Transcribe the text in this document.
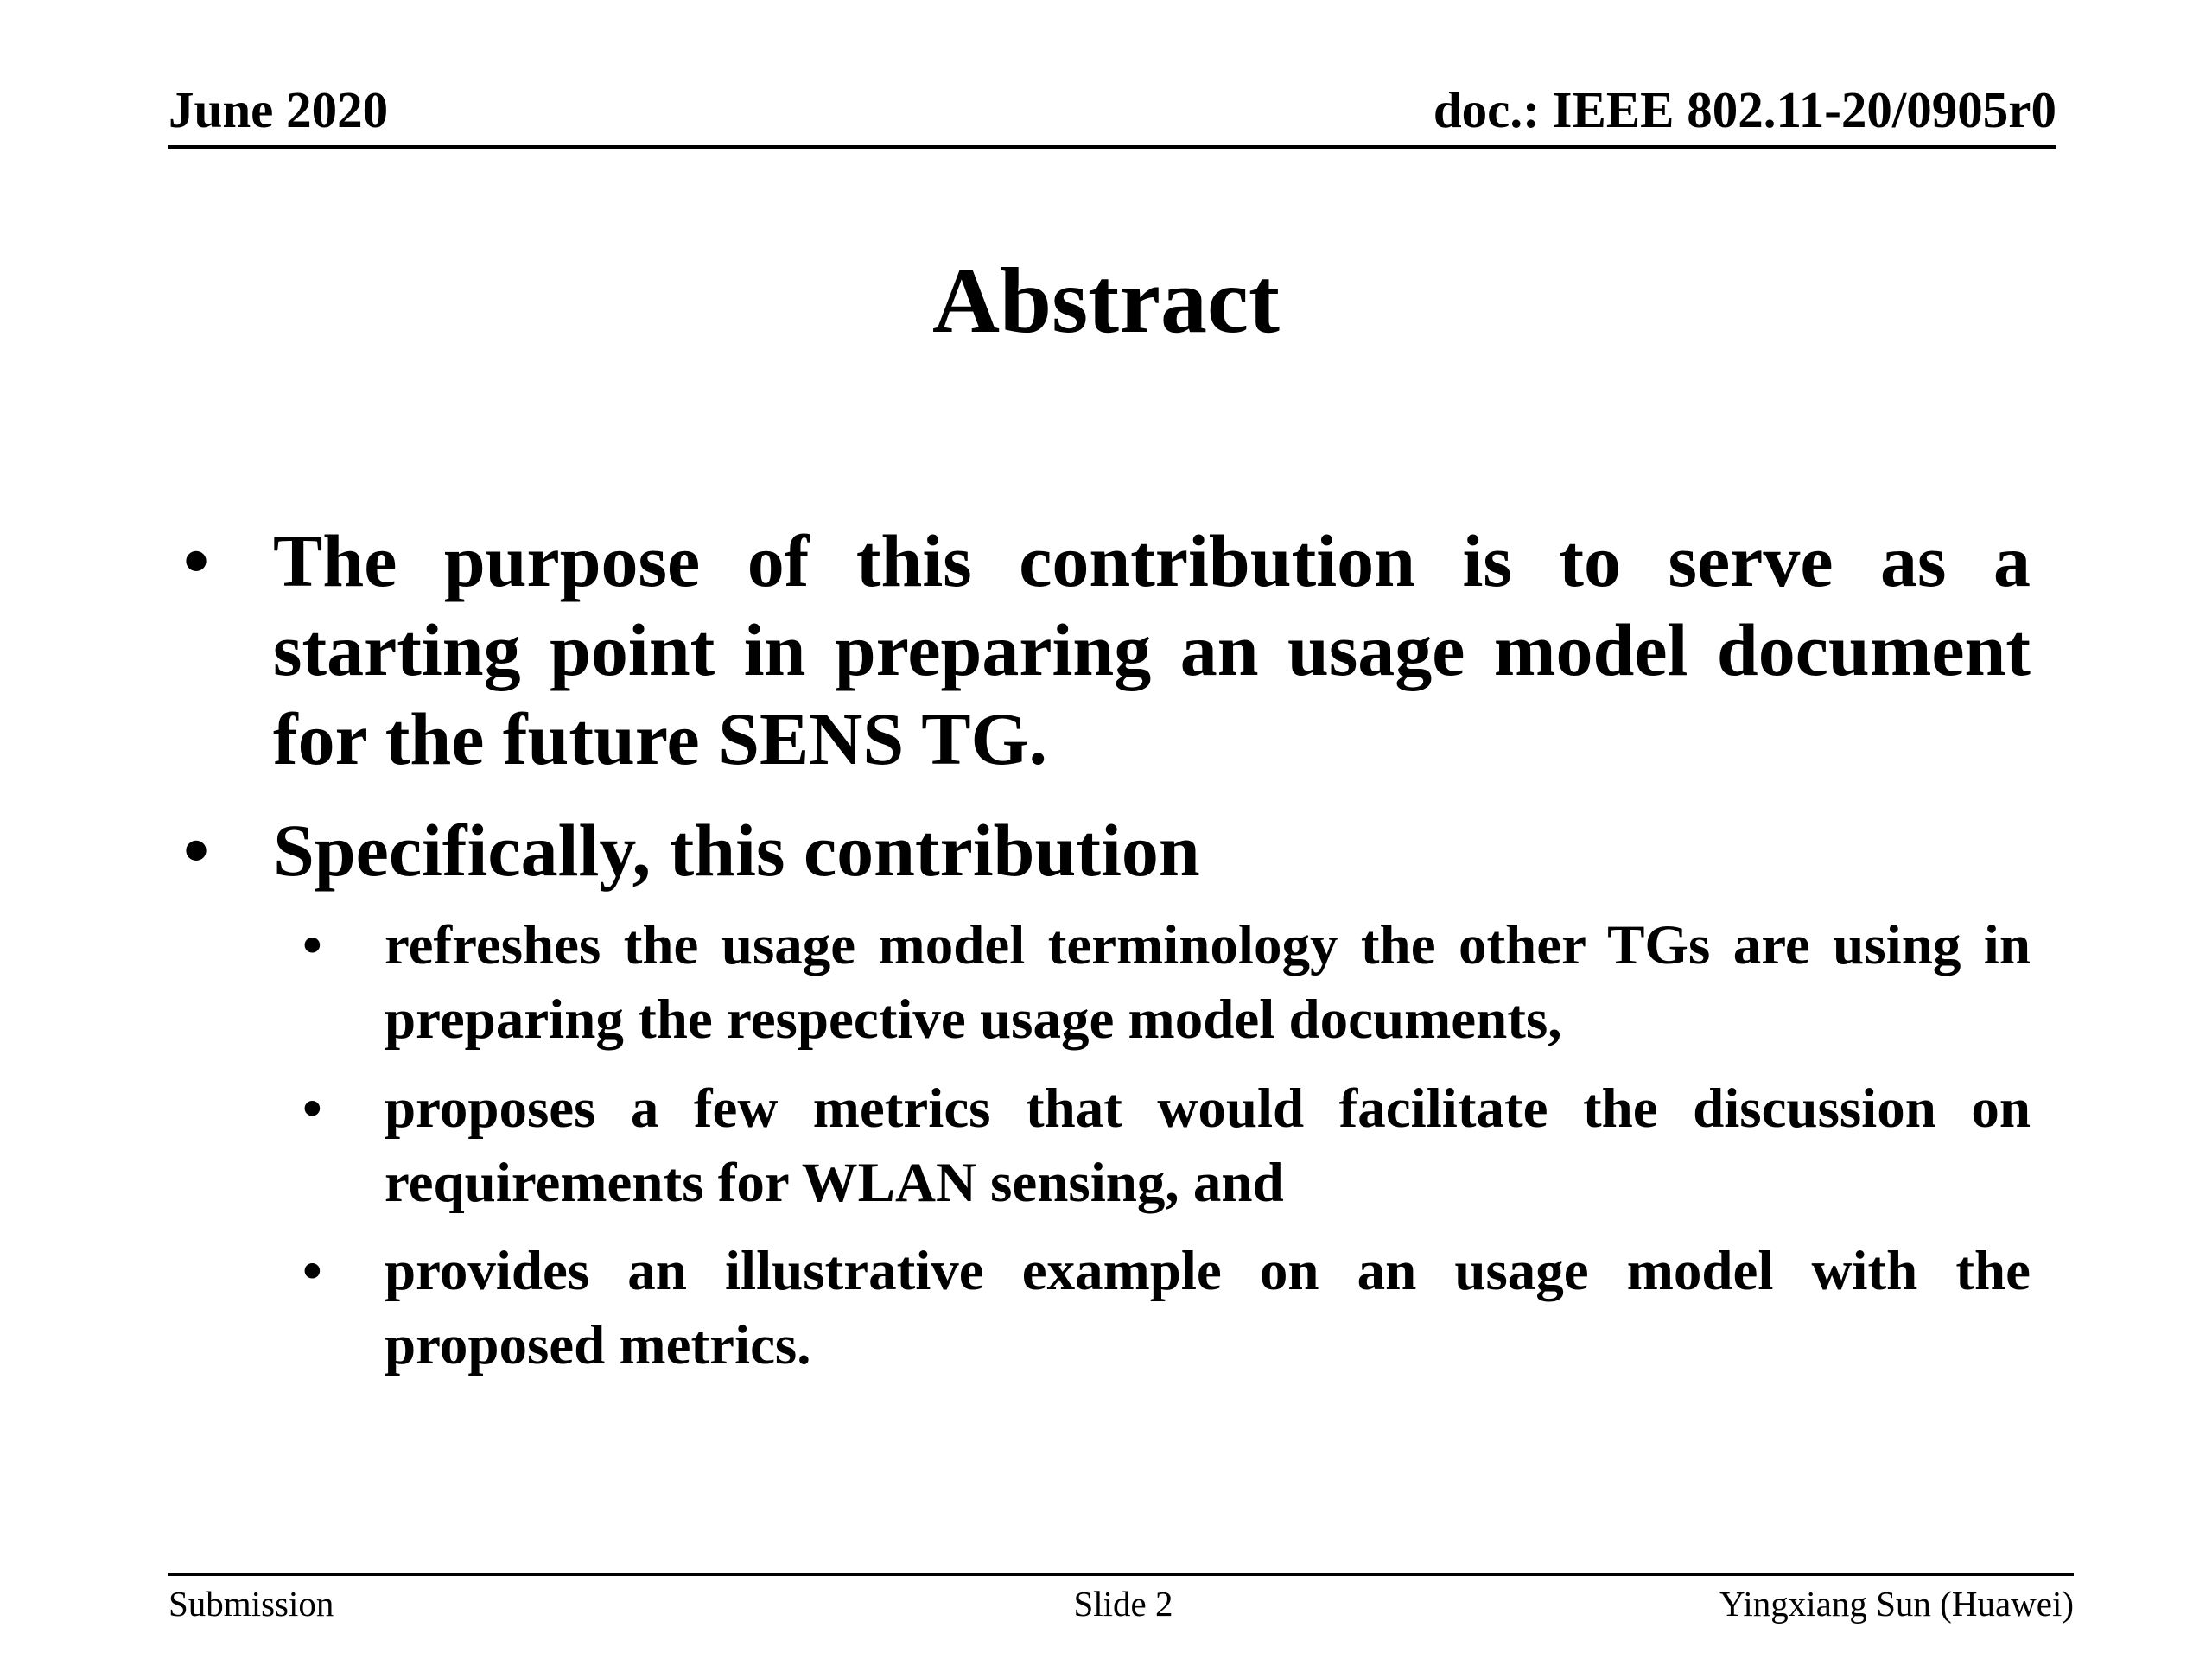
June 2020	doc.: IEEE 802.11-20/0905r0
Abstract
• The purpose of this contribution is to serve as a starting point in preparing an usage model document for the future SENS TG.
• Specifically, this contribution
• refreshes the usage model terminology the other TGs are using in preparing the respective usage model documents,
• proposes a few metrics that would facilitate the discussion on requirements for WLAN sensing, and
• provides an illustrative example on an usage model with the proposed metrics.
Submission	Slide 2	Yingxiang Sun (Huawei)
